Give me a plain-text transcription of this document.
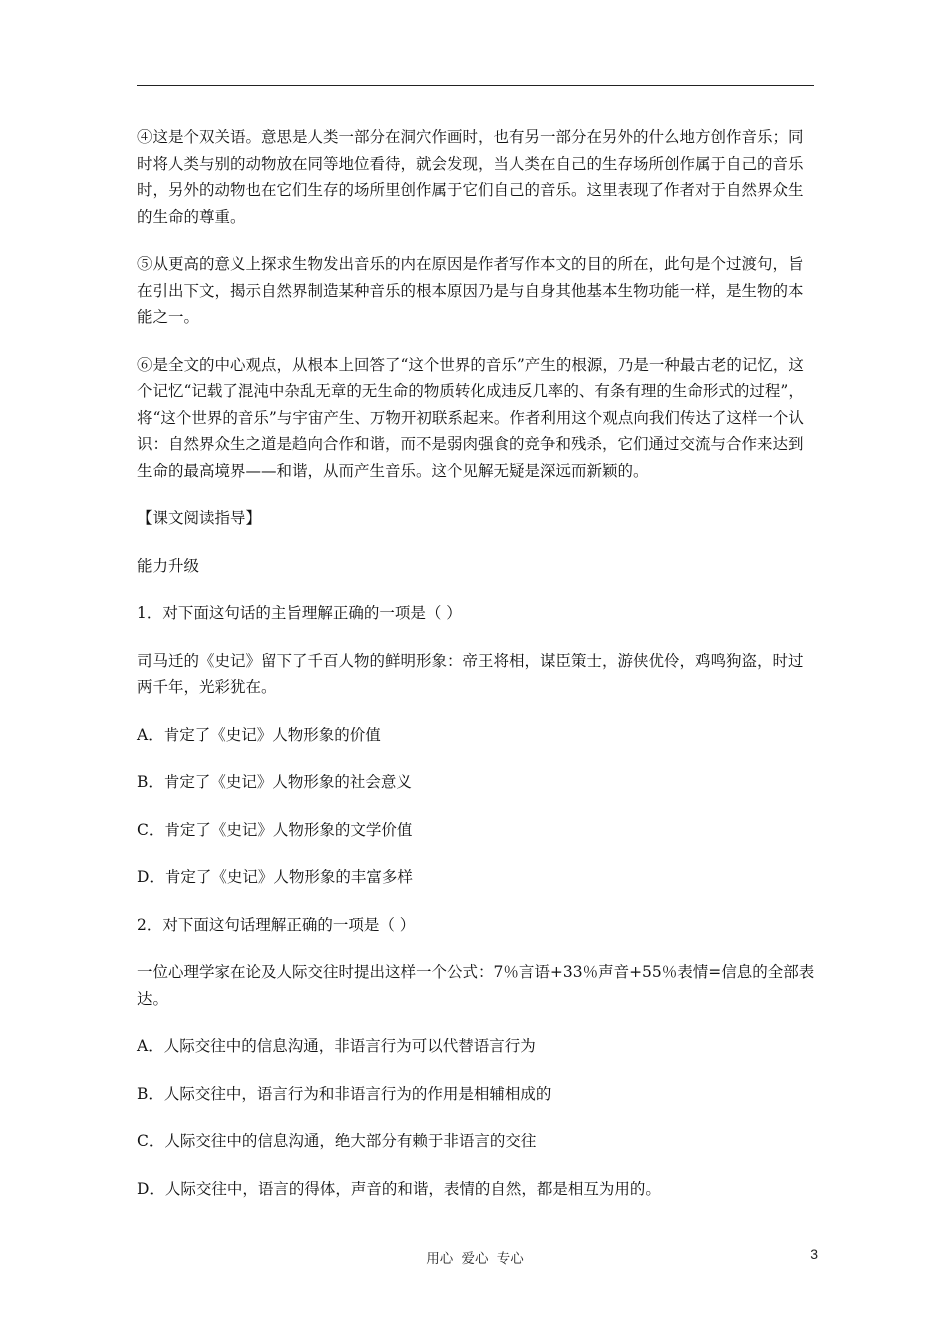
④这是个双关语。意思是人类一部分在洞穴作画时，也有另一部分在另外的什么地方创作音乐；同时将人类与别的动物放在同等地位看待，就会发现，当人类在自己的生存场所创作属于自己的音乐时，另外的动物也在它们生存的场所里创作属于它们自己的音乐。这里表现了作者对于自然界众生的生命的尊重。

⑤从更高的意义上探求生物发出音乐的内在原因是作者写作本文的目的所在，此句是个过渡句，旨在引出下文，揭示自然界制造某种音乐的根本原因乃是与自身其他基本生物功能一样，是生物的本能之一。

⑥是全文的中心观点，从根本上回答了“这个世界的音乐”产生的根源，乃是一种最古老的记忆，这个记忆“记载了混沌中杂乱无章的无生命的物质转化成违反几率的、有条有理的生命形式的过程”，将“这个世界的音乐”与宇宙产生、万物开初联系起来。作者利用这个观点向我们传达了这样一个认识：自然界众生之道是趋向合作和谐，而不是弱肉强食的竞争和残杀，它们通过交流与合作来达到生命的最高境界——和谐，从而产生音乐。这个见解无疑是深远而新颖的。

【课文阅读指导】

能力升级

1．对下面这句话的主旨理解正确的一项是（ ）

司马迁的《史记》留下了千百人物的鲜明形象：帝王将相，谋臣策士，游侠优伶，鸡鸣狗盗，时过两千年，光彩犹在。

A．肯定了《史记》人物形象的价值

B．肯定了《史记》人物形象的社会意义

C．肯定了《史记》人物形象的文学价值

D．肯定了《史记》人物形象的丰富多样

2．对下面这句话理解正确的一项是（ ）

一位心理学家在论及人际交往时提出这样一个公式：7％言语+33％声音+55％表情=信息的全部表达。

A．人际交往中的信息沟通，非语言行为可以代替语言行为

B．人际交往中，语言行为和非语言行为的作用是相辅相成的

C．人际交往中的信息沟通，绝大部分有赖于非语言的交往

D．人际交往中，语言的得体，声音的和谐，表情的自然，都是相互为用的。

用心 爱心 专心	3
